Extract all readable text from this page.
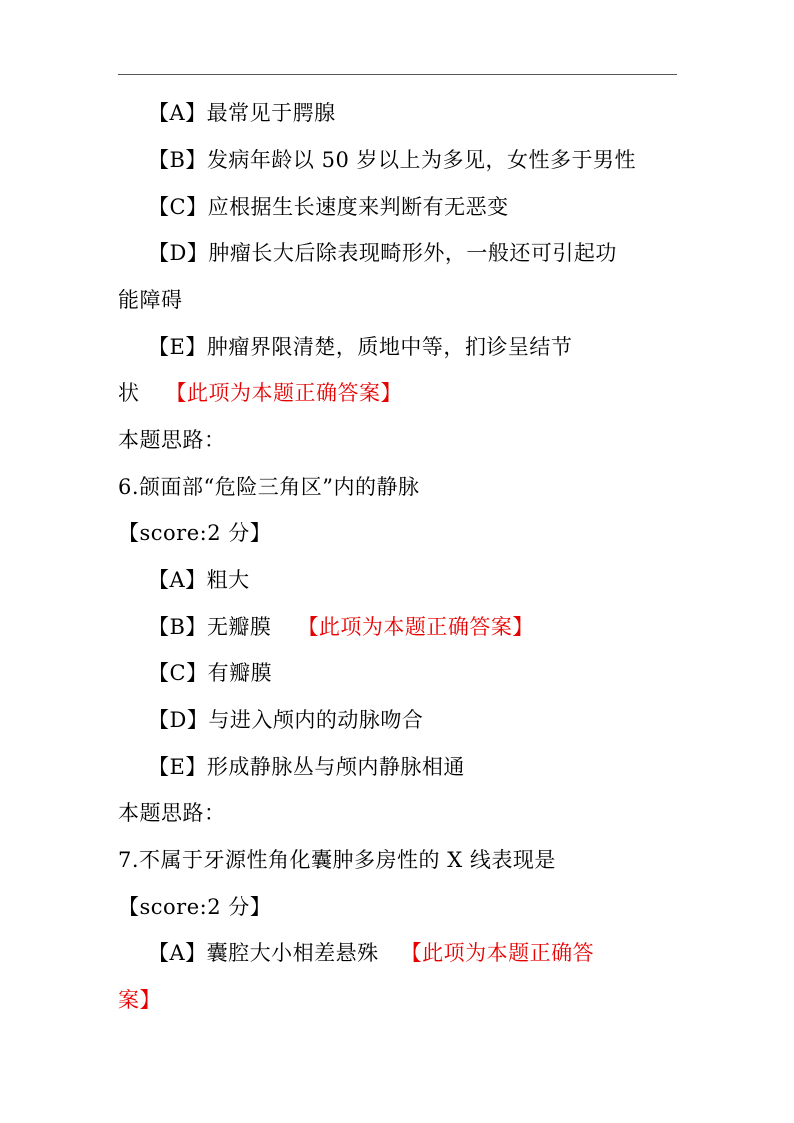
【A】最常见于腭腺
【B】发病年龄以 50 岁以上为多见，女性多于男性
【C】应根据生长速度来判断有无恶变
【D】肿瘤长大后除表现畸形外，一般还可引起功
能障碍
【E】肿瘤界限清楚，质地中等，扪诊呈结节
状 【此项为本题正确答案】
本题思路：
6.颌面部“危险三角区”内的静脉
【score:2 分】
【A】粗大
【B】无瓣膜 【此项为本题正确答案】
【C】有瓣膜
【D】与进入颅内的动脉吻合
【E】形成静脉丛与颅内静脉相通
本题思路：
7.不属于牙源性角化囊肿多房性的 X 线表现是
【score:2 分】
【A】囊腔大小相差悬殊 【此项为本题正确答
案】
